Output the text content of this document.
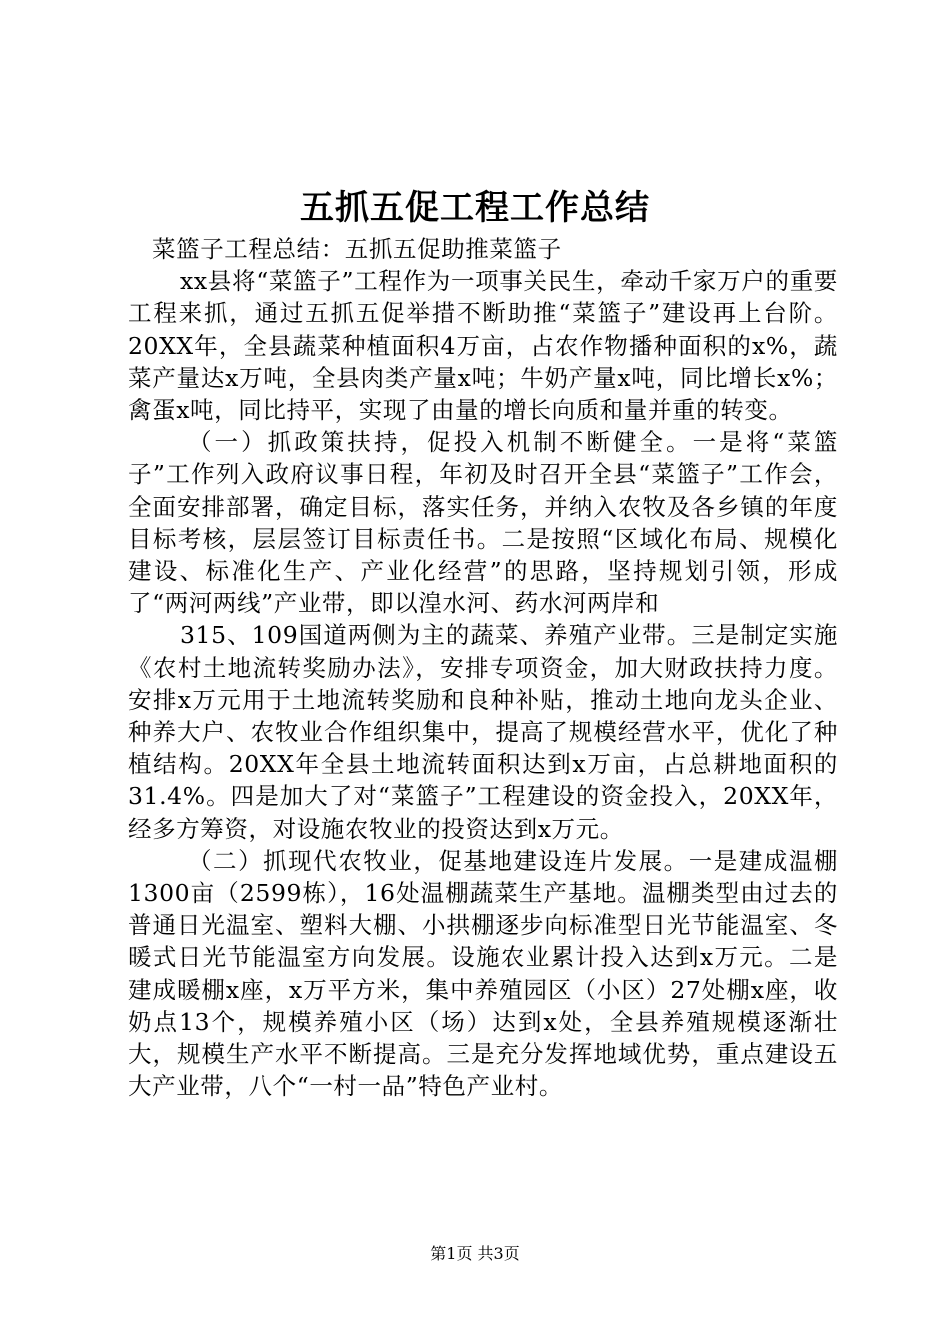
五抓五促工程工作总结

菜篮子工程总结：五抓五促助推菜篮子

xx县将“菜篮子”工程作为一项事关民生，牵动千家万户的重要工程来抓，通过五抓五促举措不断助推“菜篮子”建设再上台阶。20XX年，全县蔬菜种植面积4万亩，占农作物播种面积的x%，蔬菜产量达x万吨，全县肉类产量x吨；牛奶产量x吨，同比增长x%；禽蛋x吨，同比持平，实现了由量的增长向质和量并重的转变。

（一）抓政策扶持，促投入机制不断健全。一是将“菜篮子”工作列入政府议事日程，年初及时召开全县“菜篮子”工作会，全面安排部署，确定目标，落实任务，并纳入农牧及各乡镇的年度目标考核，层层签订目标责任书。二是按照“区域化布局、规模化建设、标准化生产、产业化经营”的思路，坚持规划引领，形成了“两河两线”产业带，即以湟水河、药水河两岸和

315、109国道两侧为主的蔬菜、养殖产业带。三是制定实施《农村土地流转奖励办法》，安排专项资金，加大财政扶持力度。安排x万元用于土地流转奖励和良种补贴，推动土地向龙头企业、种养大户、农牧业合作组织集中，提高了规模经营水平，优化了种植结构。20XX年全县土地流转面积达到x万亩，占总耕地面积的31.4%。四是加大了对“菜篮子”工程建设的资金投入，20XX年，经多方筹资，对设施农牧业的投资达到x万元。

（二）抓现代农牧业，促基地建设连片发展。一是建成温棚1300亩（2599栋），16处温棚蔬菜生产基地。温棚类型由过去的普通日光温室、塑料大棚、小拱棚逐步向标准型日光节能温室、冬暖式日光节能温室方向发展。设施农业累计投入达到x万元。二是建成暖棚x座，x万平方米，集中养殖园区（小区）27处棚x座，收奶点13个，规模养殖小区（场）达到x处，全县养殖规模逐渐壮大，规模生产水平不断提高。三是充分发挥地域优势，重点建设五大产业带，八个“一村一品”特色产业村。

第1页 共3页
